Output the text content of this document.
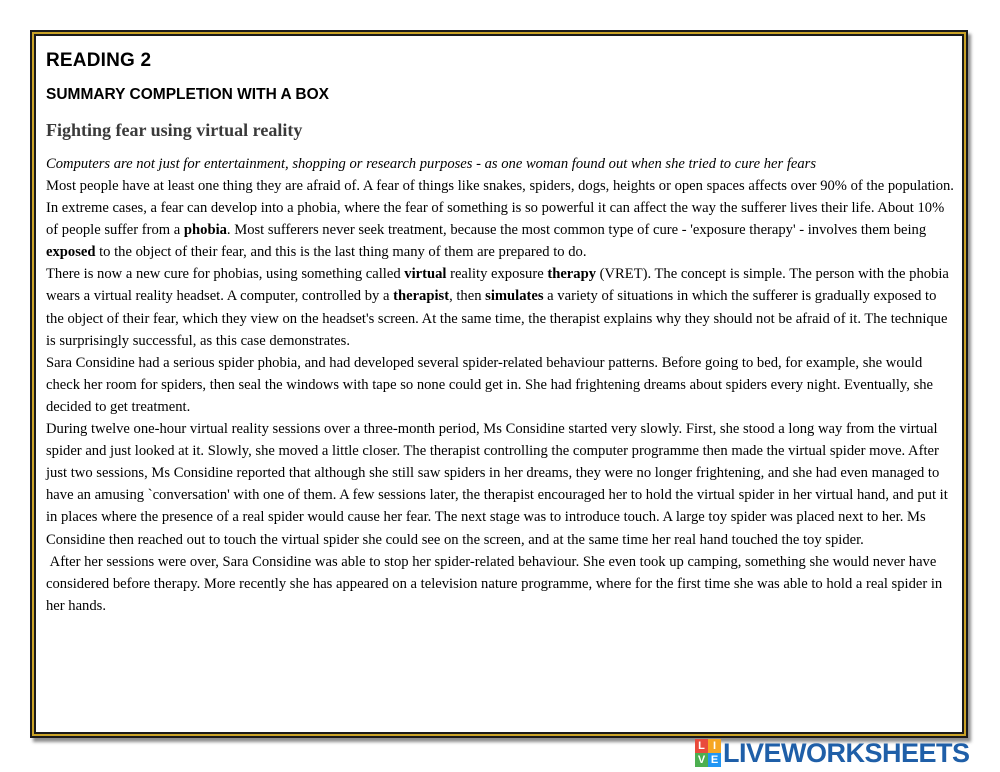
READING 2
SUMMARY COMPLETION WITH A BOX
Fighting fear using virtual reality

Computers are not just for entertainment, shopping or research purposes - as one woman found out when she tried to cure her fears

Most people have at least one thing they are afraid of. A fear of things like snakes, spiders, dogs, heights or open spaces affects over 90% of the population. In extreme cases, a fear can develop into a phobia, where the fear of something is so powerful it can affect the way the sufferer lives their life. About 10% of people suffer from a phobia. Most sufferers never seek treatment, because the most common type of cure - 'exposure therapy' - involves them being exposed to the object of their fear, and this is the last thing many of them are prepared to do.

There is now a new cure for phobias, using something called virtual reality exposure therapy (VRET). The concept is simple. The person with the phobia wears a virtual reality headset. A computer, controlled by a therapist, then simulates a variety of situations in which the sufferer is gradually exposed to the object of their fear, which they view on the headset's screen. At the same time, the therapist explains why they should not be afraid of it. The technique is surprisingly successful, as this case demonstrates.

Sara Considine had a serious spider phobia, and had developed several spider-related behaviour patterns. Before going to bed, for example, she would check her room for spiders, then seal the windows with tape so none could get in. She had frightening dreams about spiders every night. Eventually, she decided to get treatment.

During twelve one-hour virtual reality sessions over a three-month period, Ms Considine started very slowly. First, she stood a long way from the virtual spider and just looked at it. Slowly, she moved a little closer. The therapist controlling the computer programme then made the virtual spider move. After just two sessions, Ms Considine reported that although she still saw spiders in her dreams, they were no longer frightening, and she had even managed to have an amusing `conversation' with one of them. A few sessions later, the therapist encouraged her to hold the virtual spider in her virtual hand, and put it in places where the presence of a real spider would cause her fear. The next stage was to introduce touch. A large toy spider was placed next to her. Ms Considine then reached out to touch the virtual spider she could see on the screen, and at the same time her real hand touched the toy spider.

After her sessions were over, Sara Considine was able to stop her spider-related behaviour. She even took up camping, something she would never have considered before therapy. More recently she has appeared on a television nature programme, where for the first time she was able to hold a real spider in her hands.

L I
V E LIVEWORKSHEETS
